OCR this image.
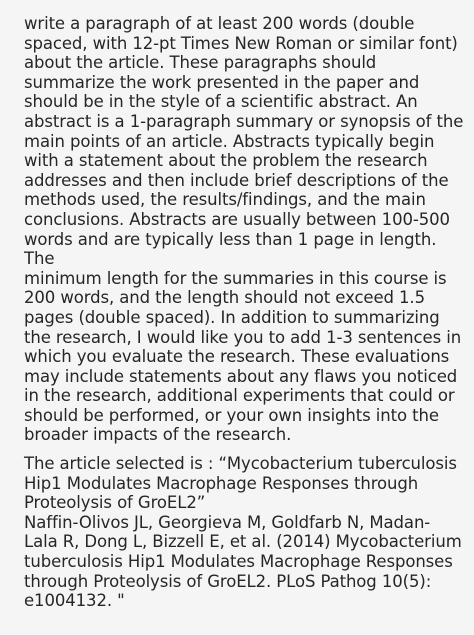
write a paragraph of at least 200 words (double
spaced, with 12-pt Times New Roman or similar font)
about the article. These paragraphs should
summarize the work presented in the paper and
should be in the style of a scientific abstract. An
abstract is a 1-paragraph summary or synopsis of the
main points of an article. Abstracts typically begin
with a statement about the problem the research
addresses and then include brief descriptions of the
methods used, the results/findings, and the main
conclusions. Abstracts are usually between 100-500
words and are typically less than 1 page in length. The
minimum length for the summaries in this course is
200 words, and the length should not exceed 1.5
pages (double spaced). In addition to summarizing
the research, I would like you to add 1-3 sentences in
which you evaluate the research. These evaluations
may include statements about any flaws you noticed
in the research, additional experiments that could or
should be performed, or your own insights into the
broader impacts of the research.

The article selected is : “Mycobacterium tuberculosis
Hip1 Modulates Macrophage Responses through
Proteolysis of GroEL2”
Naffin-Olivos JL, Georgieva M, Goldfarb N, Madan-
Lala R, Dong L, Bizzell E, et al. (2014) Mycobacterium
tuberculosis Hip1 Modulates Macrophage Responses
through Proteolysis of GroEL2. PLoS Pathog 10(5):
e1004132. "
